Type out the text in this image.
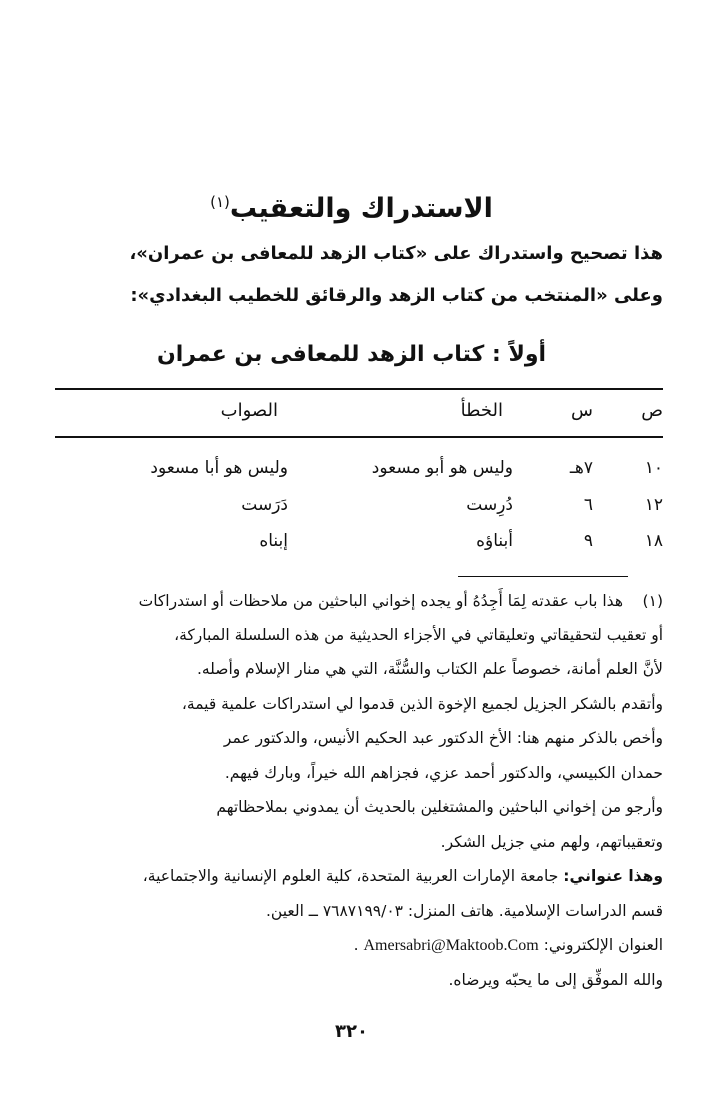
الاستدراك والتعقيب$^{(١)}$
هذا تصحيح واستدراك على «كتاب الزهد للمعافى بن عمران»،
وعلى «المنتخب من كتاب الزهد والرقائق للخطيب البغدادي»:
أولاً : كتاب الزهد للمعافى بن عمران
ص
س
الخطأ
الصواب
١٠
٧هـ
وليس هو أبو مسعود
وليس هو أبا مسعود
١٢
٦
دُرِست
دَرَست
١٨
٩
أبناؤه
إبناه
(١)
هذا باب عقدته لِمَا أَجِدُهُ أو يجده إخواني الباحثين من ملاحظات أو استدراكات
أو تعقيب لتحقيقاتي وتعليقاتي في الأجزاء الحديثية من هذه السلسلة المباركة،
لأنَّ العلم أمانة، خصوصاً علم الكتاب والسُّنَّة، التي هي منار الإسلام وأصله.
وأتقدم بالشكر الجزيل لجميع الإخوة الذين قدموا لي استدراكات علمية قيمة،
وأخص بالذكر منهم هنا: الأخ الدكتور عبد الحكيم الأنيس، والدكتور عمر
حمدان الكبيسي، والدكتور أحمد عزي، فجزاهم الله خيراً، وبارك فيهم.
وأرجو من إخواني الباحثين والمشتغلين بالحديث أن يمدوني بملاحظاتهم
وتعقيباتهم، ولهم مني جزيل الشكر.
وهذا عنواني: جامعة الإمارات العربية المتحدة، كلية العلوم الإنسانية والاجتماعية،
قسم الدراسات الإسلامية. هاتف المنزل: ٧٦٨٧١٩٩/٠٣ ــ العين.
العنوان الإلكتروني: Amersabri@Maktoob.Com .
والله الموفِّق إلى ما يحبّه ويرضاه.
٣٢٠
